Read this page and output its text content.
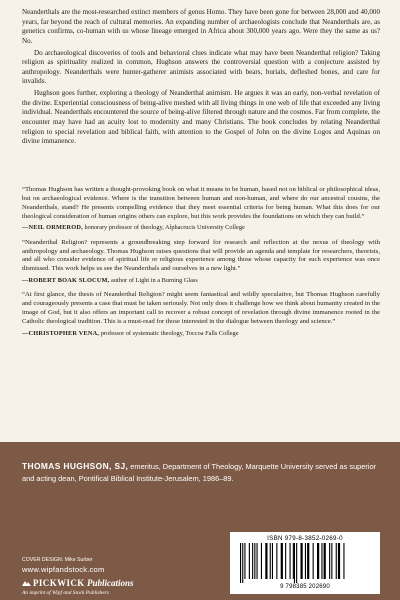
Neanderthals are the most-researched extinct members of genus Homo. They have been gone for between 28,000 and 40,000 years, far beyond the reach of cultural memories. An expanding number of archaeologists conclude that Neanderthals are, as genetics confirms, co-human with us whose lineage emerged in Africa about 300,000 years ago. Were they the same as us? No.

Do archaeological discoveries of tools and behavioral clues indicate what may have been Neanderthal religion? Taking religion as spirituality realized in common, Hughson answers the controversial question with a conjecture assisted by anthropology. Neanderthals were hunter-gatherer animists associated with bears, burials, defleshed bones, and care for invalids.

Hughson goes further, exploring a theology of Neanderthal animism. He argues it was an early, non-verbal revelation of the divine. Experiential consciousness of being-alive meshed with all living things in one web of life that exceeded any living individual. Neanderthals encountered the source of being-alive filtered through nature and the cosmos. Far from complete, the encounter may have had an acuity lost to modernity and many Christians. The book concludes by relating Neanderthal religion to special revelation and biblical faith, with attention to the Gospel of John on the divine Logos and Aquinas on divine immanence.

“Thomas Hughson has written a thought-provoking book on what it means to be human, based not on biblical or philosophical ideas, but on archaeological evidence. Where is the transition between human and non-human, and where do our ancestral cousins, the Neanderthals, stand? He presents compelling evidence that they meet essential criteria for being human. What this does for our theological consideration of human origins others can explore, but this work provides the foundations on which they can build.”

—NEIL ORMEROD, honorary professor of theology, Alphacrucis University College

“Neanderthal Religion? represents a groundbreaking step forward for research and reflection at the nexus of theology with anthropology and archaeology. Thomas Hughson raises questions that will provide an agenda and template for researchers, theorists, and all who consider evidence of spiritual life or religious experience among those whose capacity for such experience was once dismissed. This work helps us see the Neanderthals and ourselves in a new light.”

—ROBERT BOAK SLOCUM, author of Light in a Burning Glass

“At first glance, the thesis of Neanderthal Religion? might seem fantastical and wildly speculative, but Thomas Hughson carefully and courageously presents a case that must be taken seriously. Not only does it challenge how we think about humanity created in the image of God, but it also offers an important call to recover a robust concept of revelation through divine immanence rooted in the Catholic theological tradition. This is a must-read for those interested in the dialogue between theology and science.”

—CHRISTOPHER VENA, professor of systematic theology, Toccoa Falls College
THOMAS HUGHSON, SJ, emeritus, Department of Theology, Marquette University served as superior and acting dean, Pontifical Biblical Institute-Jerusalem, 1986–89.
COVER DESIGN: Mike Surber
www.wipfandstock.com
PICKWICK Publications
An imprint of Wipf and Stock Publishers
ISBN 979-8-3852-0269-0
9 798385 202690
